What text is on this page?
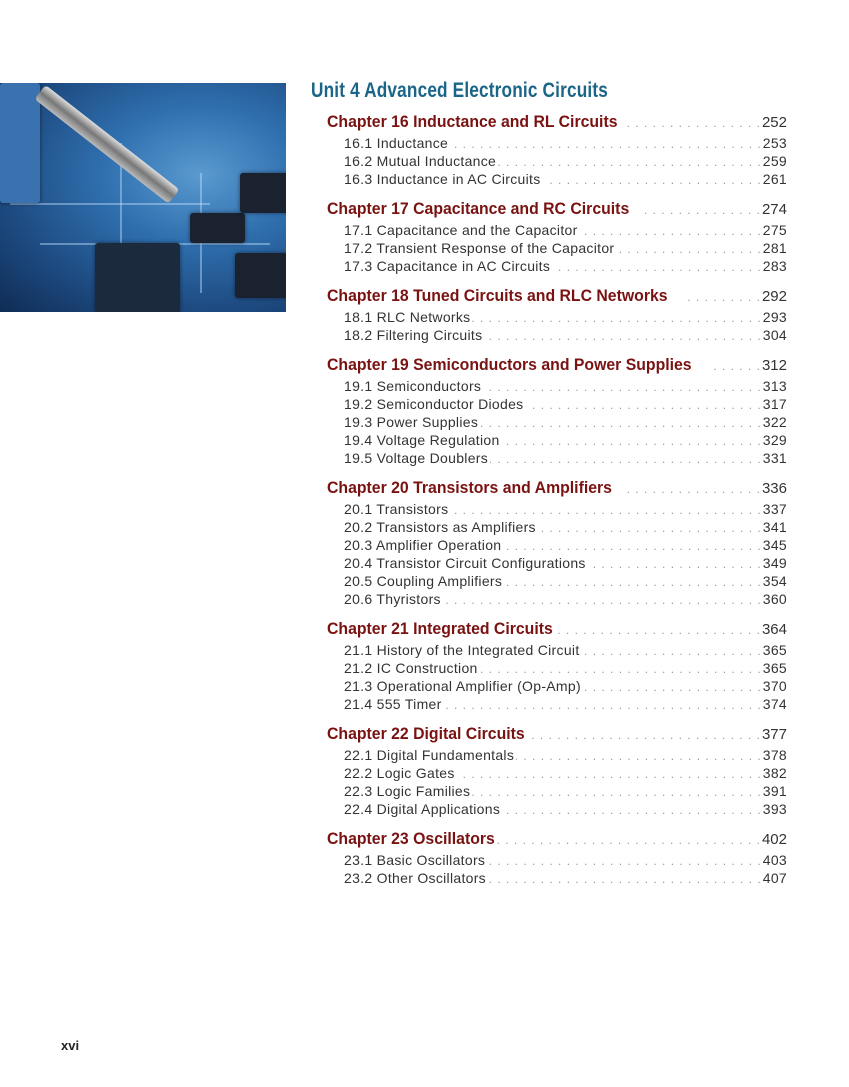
Unit 4 Advanced Electronic Circuits
Chapter 16 Inductance and RL Circuits . . .	252
16.1 Inductance . . .	253
16.2 Mutual Inductance . . .	259
16.3 Inductance in AC Circuits . . .	261
Chapter 17 Capacitance and RC Circuits . . .	274
17.1 Capacitance and the Capacitor . . .	275
17.2 Transient Response of the Capacitor . . .	281
17.3 Capacitance in AC Circuits . . .	283
Chapter 18 Tuned Circuits and RLC Networks . . .	292
18.1 RLC Networks . . .	293
18.2 Filtering Circuits . . .	304
Chapter 19 Semiconductors and Power Supplies . . .	312
19.1 Semiconductors . . .	313
19.2 Semiconductor Diodes . . .	317
19.3 Power Supplies . . .	322
19.4 Voltage Regulation . . .	329
19.5 Voltage Doublers . . .	331
Chapter 20 Transistors and Amplifiers . . .	336
20.1 Transistors . . .	337
20.2 Transistors as Amplifiers . . .	341
20.3 Amplifier Operation . . .	345
20.4 Transistor Circuit Configurations . . .	349
20.5 Coupling Amplifiers . . .	354
20.6 Thyristors . . .	360
Chapter 21 Integrated Circuits . . .	364
21.1 History of the Integrated Circuit . . .	365
21.2 IC Construction . . .	365
21.3 Operational Amplifier (Op-Amp) . . .	370
21.4 555 Timer . . .	374
Chapter 22 Digital Circuits . . .	377
22.1 Digital Fundamentals . . .	378
22.2 Logic Gates . . .	382
22.3 Logic Families . . .	391
22.4 Digital Applications . . .	393
Chapter 23 Oscillators . . .	402
23.1 Basic Oscillators . . .	403
23.2 Other Oscillators . . .	407
xvi
